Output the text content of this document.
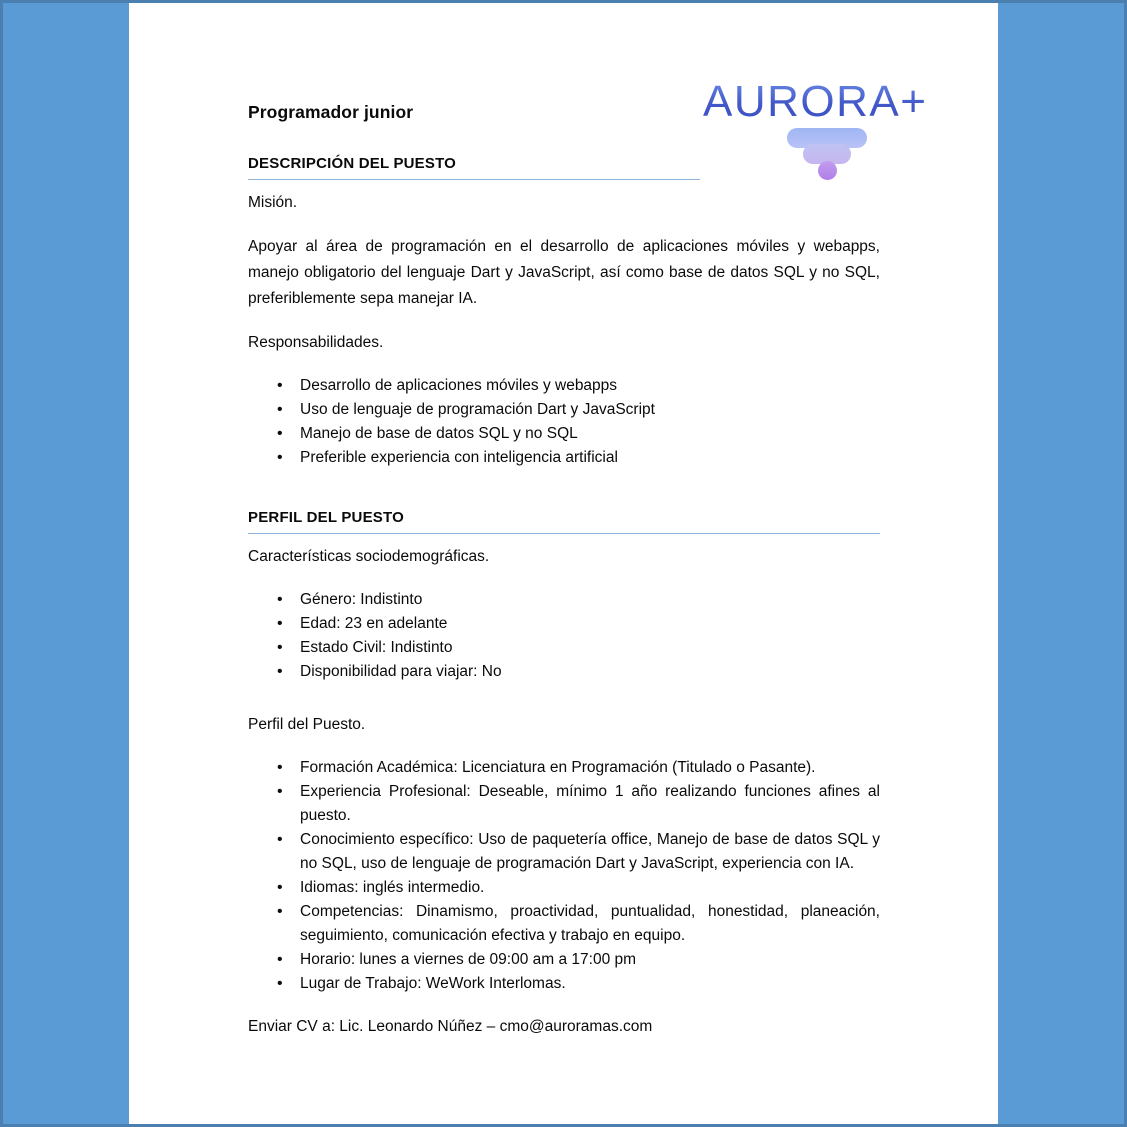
AURORA+
Programador junior
DESCRIPCIÓN DEL PUESTO

Misión.

Apoyar al área de programación en el desarrollo de aplicaciones móviles y webapps, manejo obligatorio del lenguaje Dart y JavaScript, así como base de datos SQL y no SQL, preferiblemente sepa manejar IA.

Responsabilidades.

• Desarrollo de aplicaciones móviles y webapps
• Uso de lenguaje de programación Dart y JavaScript
• Manejo de base de datos SQL y no SQL
• Preferible experiencia con inteligencia artificial
PERFIL DEL PUESTO

Características sociodemográficas.

• Género: Indistinto
• Edad: 23 en adelante
• Estado Civil: Indistinto
• Disponibilidad para viajar: No

Perfil del Puesto.

• Formación Académica: Licenciatura en Programación (Titulado o Pasante).
• Experiencia Profesional: Deseable, mínimo 1 año realizando funciones afines al puesto.
• Conocimiento específico: Uso de paquetería office, Manejo de base de datos SQL y no SQL, uso de lenguaje de programación Dart y JavaScript, experiencia con IA.
• Idiomas: inglés intermedio.
• Competencias: Dinamismo, proactividad, puntualidad, honestidad, planeación, seguimiento, comunicación efectiva y trabajo en equipo.
• Horario: lunes a viernes de 09:00 am a 17:00 pm
• Lugar de Trabajo: WeWork Interlomas.

Enviar CV a: Lic. Leonardo Núñez – cmo@auroramas.com
